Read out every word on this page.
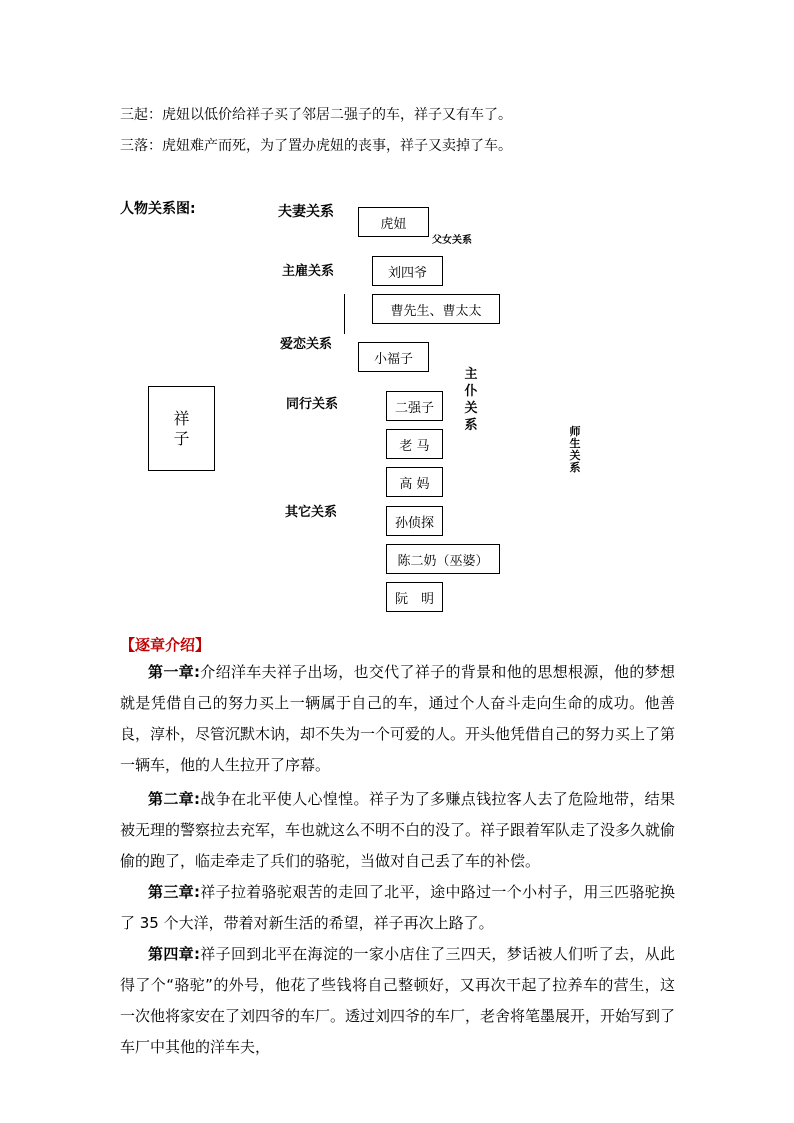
三起：虎妞以低价给祥子买了邻居二强子的车，祥子又有车了。
三落：虎妞难产而死，为了置办虎妞的丧事，祥子又卖掉了车。
人物关系图:
祥子
夫妻关系
父女关系
主雇关系
爱恋关系
同行关系
其它关系
虎妞
刘四爷
曹先生、曹太太
小福子
二强子
老 马
高 妈
孙侦探
陈二奶（巫婆）
阮　明
主仆关系	师生关系
【逐章介绍】
第一章:介绍洋车夫祥子出场，也交代了祥子的背景和他的思想根源，他的梦想就是凭借自己的努力买上一辆属于自己的车，通过个人奋斗走向生命的成功。他善良，淳朴，尽管沉默木讷，却不失为一个可爱的人。开头他凭借自己的努力买上了第一辆车，他的人生拉开了序幕。
第二章:战争在北平使人心惶惶。祥子为了多赚点钱拉客人去了危险地带，结果被无理的警察拉去充军，车也就这么不明不白的没了。祥子跟着军队走了没多久就偷偷的跑了，临走牵走了兵们的骆驼，当做对自己丢了车的补偿。
第三章:祥子拉着骆驼艰苦的走回了北平，途中路过一个小村子，用三匹骆驼换了 35 个大洋，带着对新生活的希望，祥子再次上路了。
第四章:祥子回到北平在海淀的一家小店住了三四天，梦话被人们听了去，从此得了个“骆驼”的外号，他花了些钱将自己整顿好，又再次干起了拉养车的营生，这一次他将家安在了刘四爷的车厂。透过刘四爷的车厂，老舍将笔墨展开，开始写到了车厂中其他的洋车夫，
